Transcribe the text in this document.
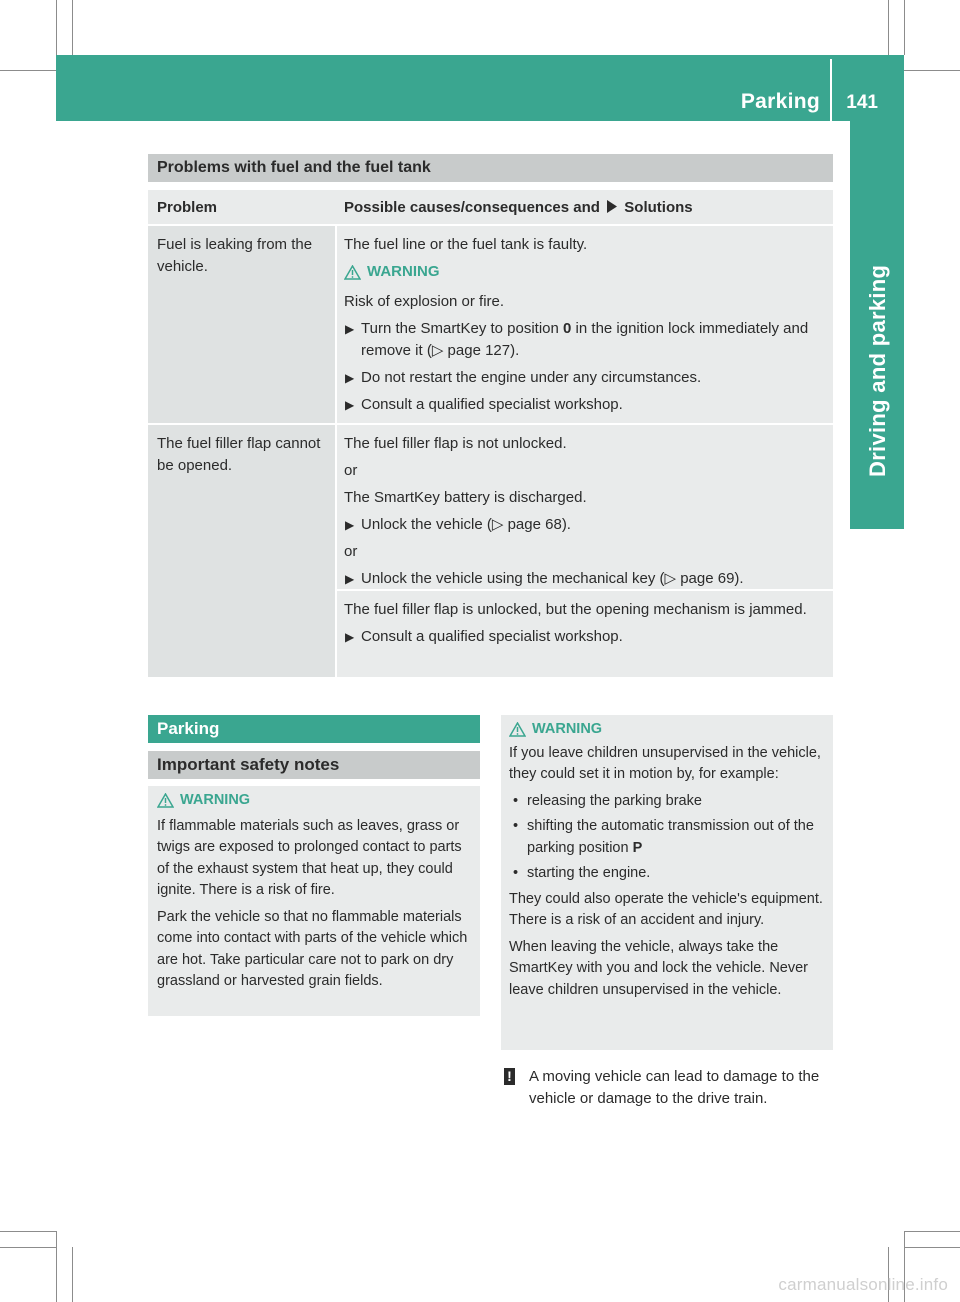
Parking 141
Driving and parking
Problems with fuel and the fuel tank
Problem	Possible causes/consequences and Solutions

Fuel is leaking from the vehicle.

The fuel line or the fuel tank is faulty.

WARNING

Risk of explosion or fire.

▶ Turn the SmartKey to position 0 in the ignition lock immediately and remove it (▷ page 127).
▶ Do not restart the engine under any circumstances.
▶ Consult a qualified specialist workshop.

The fuel filler flap cannot be opened.

The fuel filler flap is not unlocked.

or

The SmartKey battery is discharged.

▶ Unlock the vehicle (▷ page 68).

or

▶ Unlock the vehicle using the mechanical key (▷ page 69).

The fuel filler flap is unlocked, but the opening mechanism is jammed.

▶ Consult a qualified specialist workshop.
Parking
Important safety notes
WARNING

If flammable materials such as leaves, grass or twigs are exposed to prolonged contact to parts of the exhaust system that heat up, they could ignite. There is a risk of fire.

Park the vehicle so that no flammable materials come into contact with parts of the vehicle which are hot. Take particular care not to park on dry grassland or harvested grain fields.

WARNING

If you leave children unsupervised in the vehicle, they could set it in motion by, for example:

• releasing the parking brake
• shifting the automatic transmission out of the parking position P
• starting the engine.

They could also operate the vehicle's equipment. There is a risk of an accident and injury.

When leaving the vehicle, always take the SmartKey with you and lock the vehicle. Never leave children unsupervised in the vehicle.

!	A moving vehicle can lead to damage to the vehicle or damage to the drive train.
carmanualsonline.info
